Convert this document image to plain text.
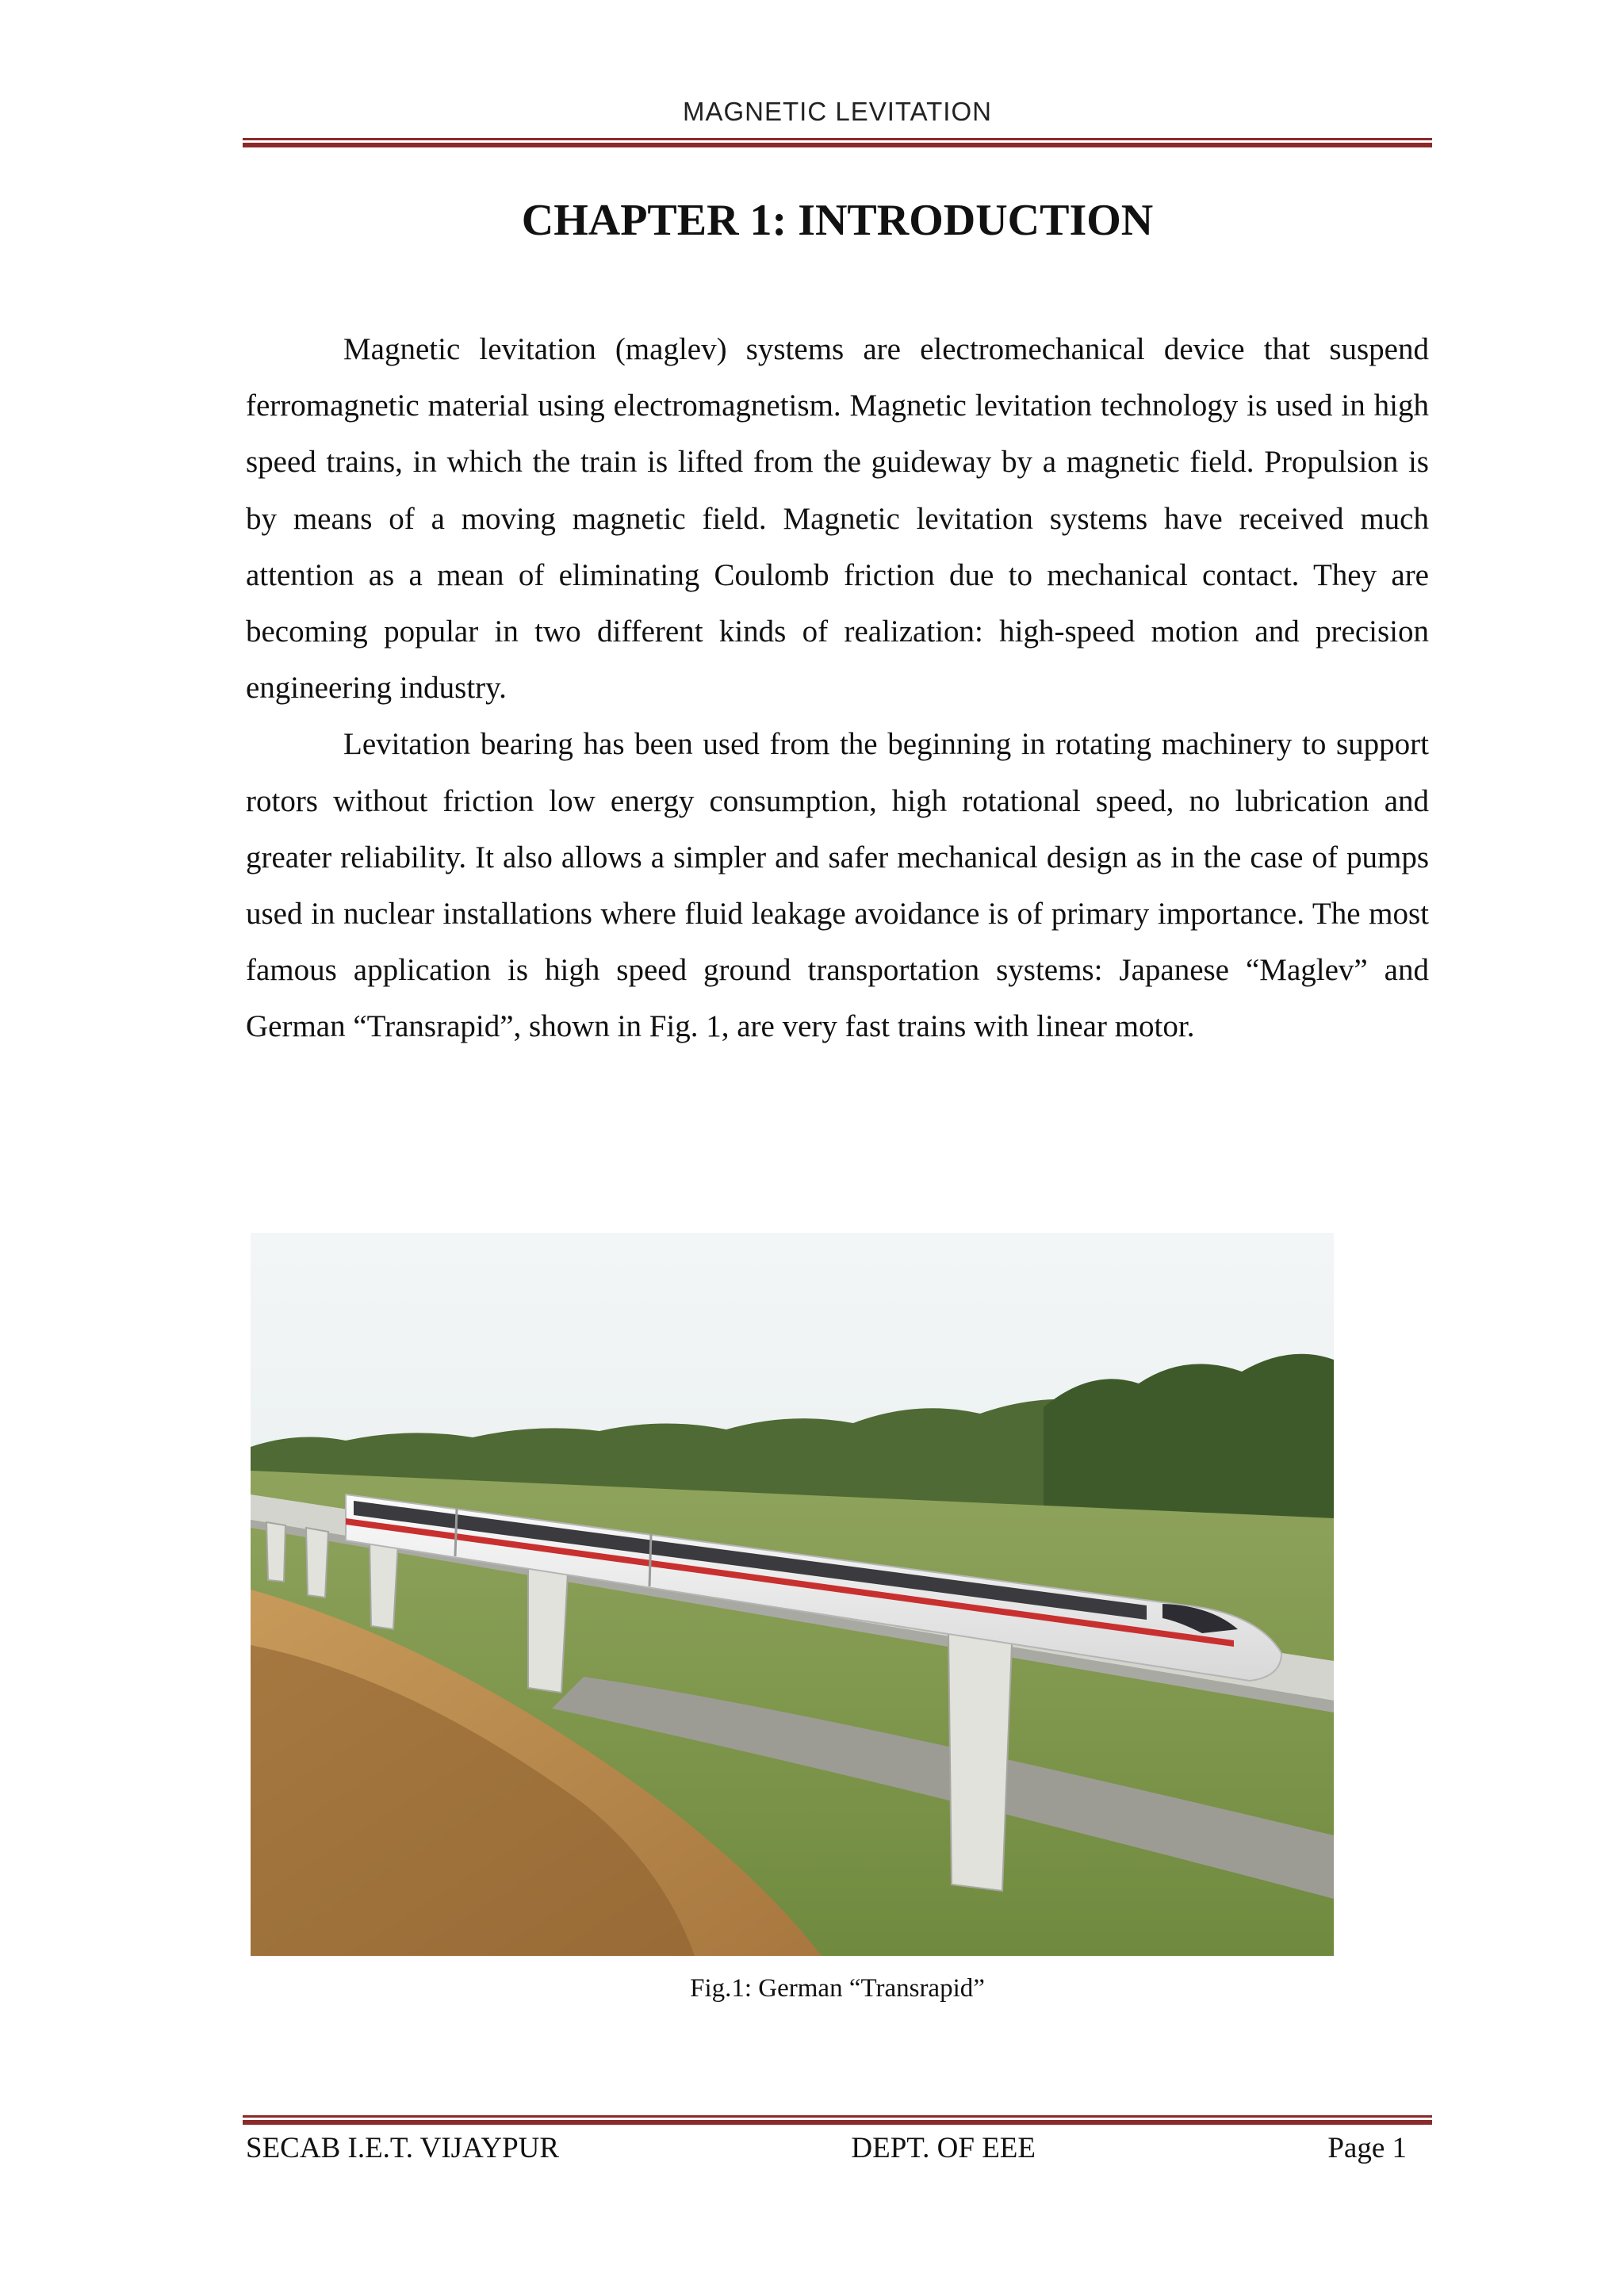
MAGNETIC LEVITATION
CHAPTER 1: INTRODUCTION

Magnetic levitation (maglev) systems are electromechanical device that suspend ferromagnetic material using electromagnetism. Magnetic levitation technology is used in high speed trains, in which the train is lifted from the guideway by a magnetic field. Propulsion is by means of a moving magnetic field. Magnetic levitation systems have received much attention as a mean of eliminating Coulomb friction due to mechanical contact. They are becoming popular in two different kinds of realization: high-speed motion and precision engineering industry.

Levitation bearing has been used from the beginning in rotating machinery to support rotors without friction low energy consumption, high rotational speed, no lubrication and greater reliability. It also allows a simpler and safer mechanical design as in the case of pumps used in nuclear installations where fluid leakage avoidance is of primary importance. The most famous application is high speed ground transportation systems: Japanese “Maglev” and German “Transrapid”, shown in Fig. 1, are very fast trains with linear motor.

Fig.1: German “Transrapid”
SECAB I.E.T. VIJAYPUR	DEPT. OF EEE	Page 1
